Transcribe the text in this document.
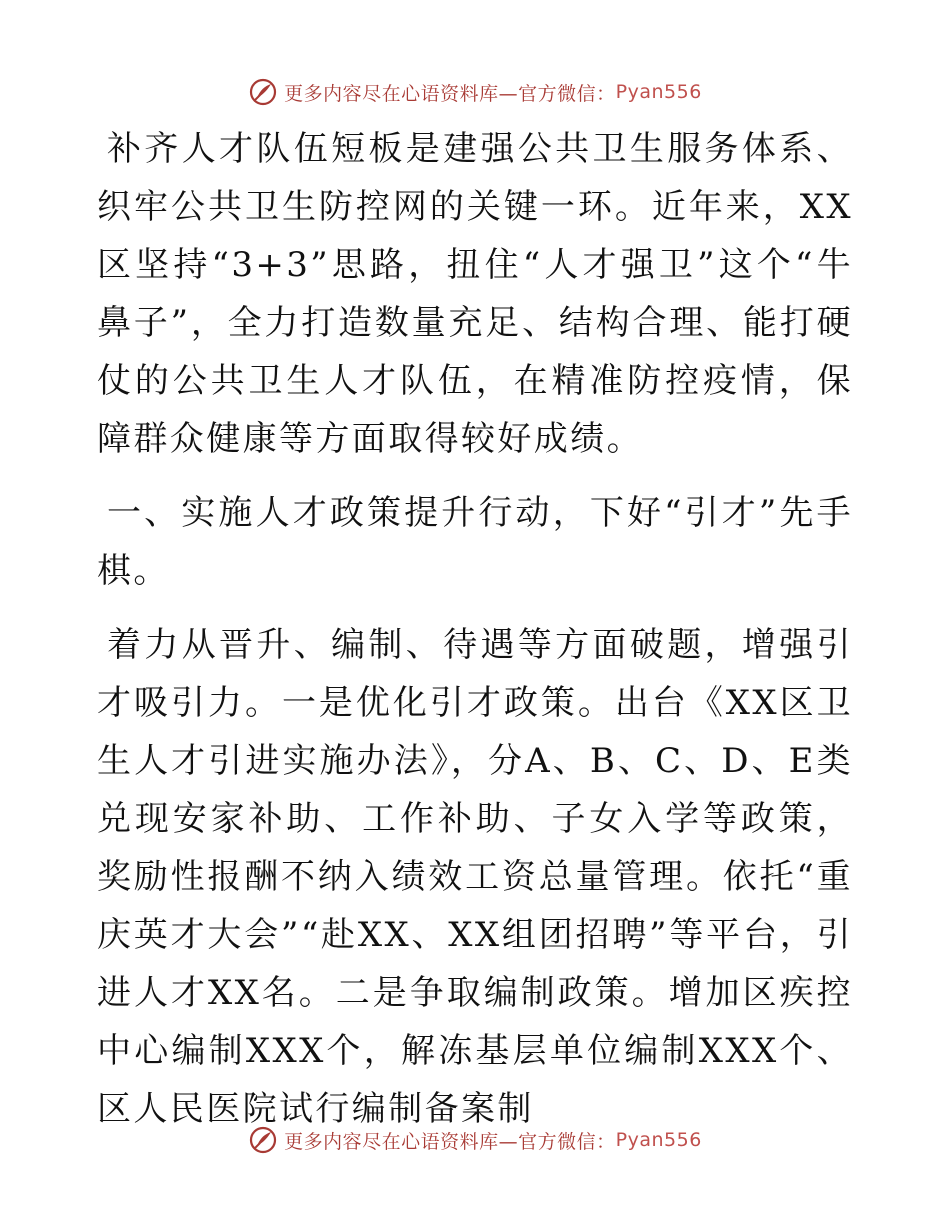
更多内容尽在心语资料库—官方微信： Pyan556

补齐人才队伍短板是建强公共卫生服务体系、织牢公共卫生防控网的关键一环。近年来，XX区坚持“3+3”思路，扭住“人才强卫”这个“牛鼻子”，全力打造数量充足、结构合理、能打硬仗的公共卫生人才队伍，在精准防控疫情，保障群众健康等方面取得较好成绩。

一、实施人才政策提升行动，下好“引才”先手棋。

着力从晋升、编制、待遇等方面破题，增强引才吸引力。一是优化引才政策。出台《XX区卫生人才引进实施办法》，分A、B、C、D、E类兑现安家补助、工作补助、子女入学等政策，奖励性报酬不纳入绩效工资总量管理。依托“重庆英才大会”“赴XX、XX组团招聘”等平台，引进人才XX名。二是争取编制政策。增加区疾控中心编制XXX个，解冻基层单位编制XXX个、区人民医院试行编制备案制

更多内容尽在心语资料库—官方微信： Pyan556
